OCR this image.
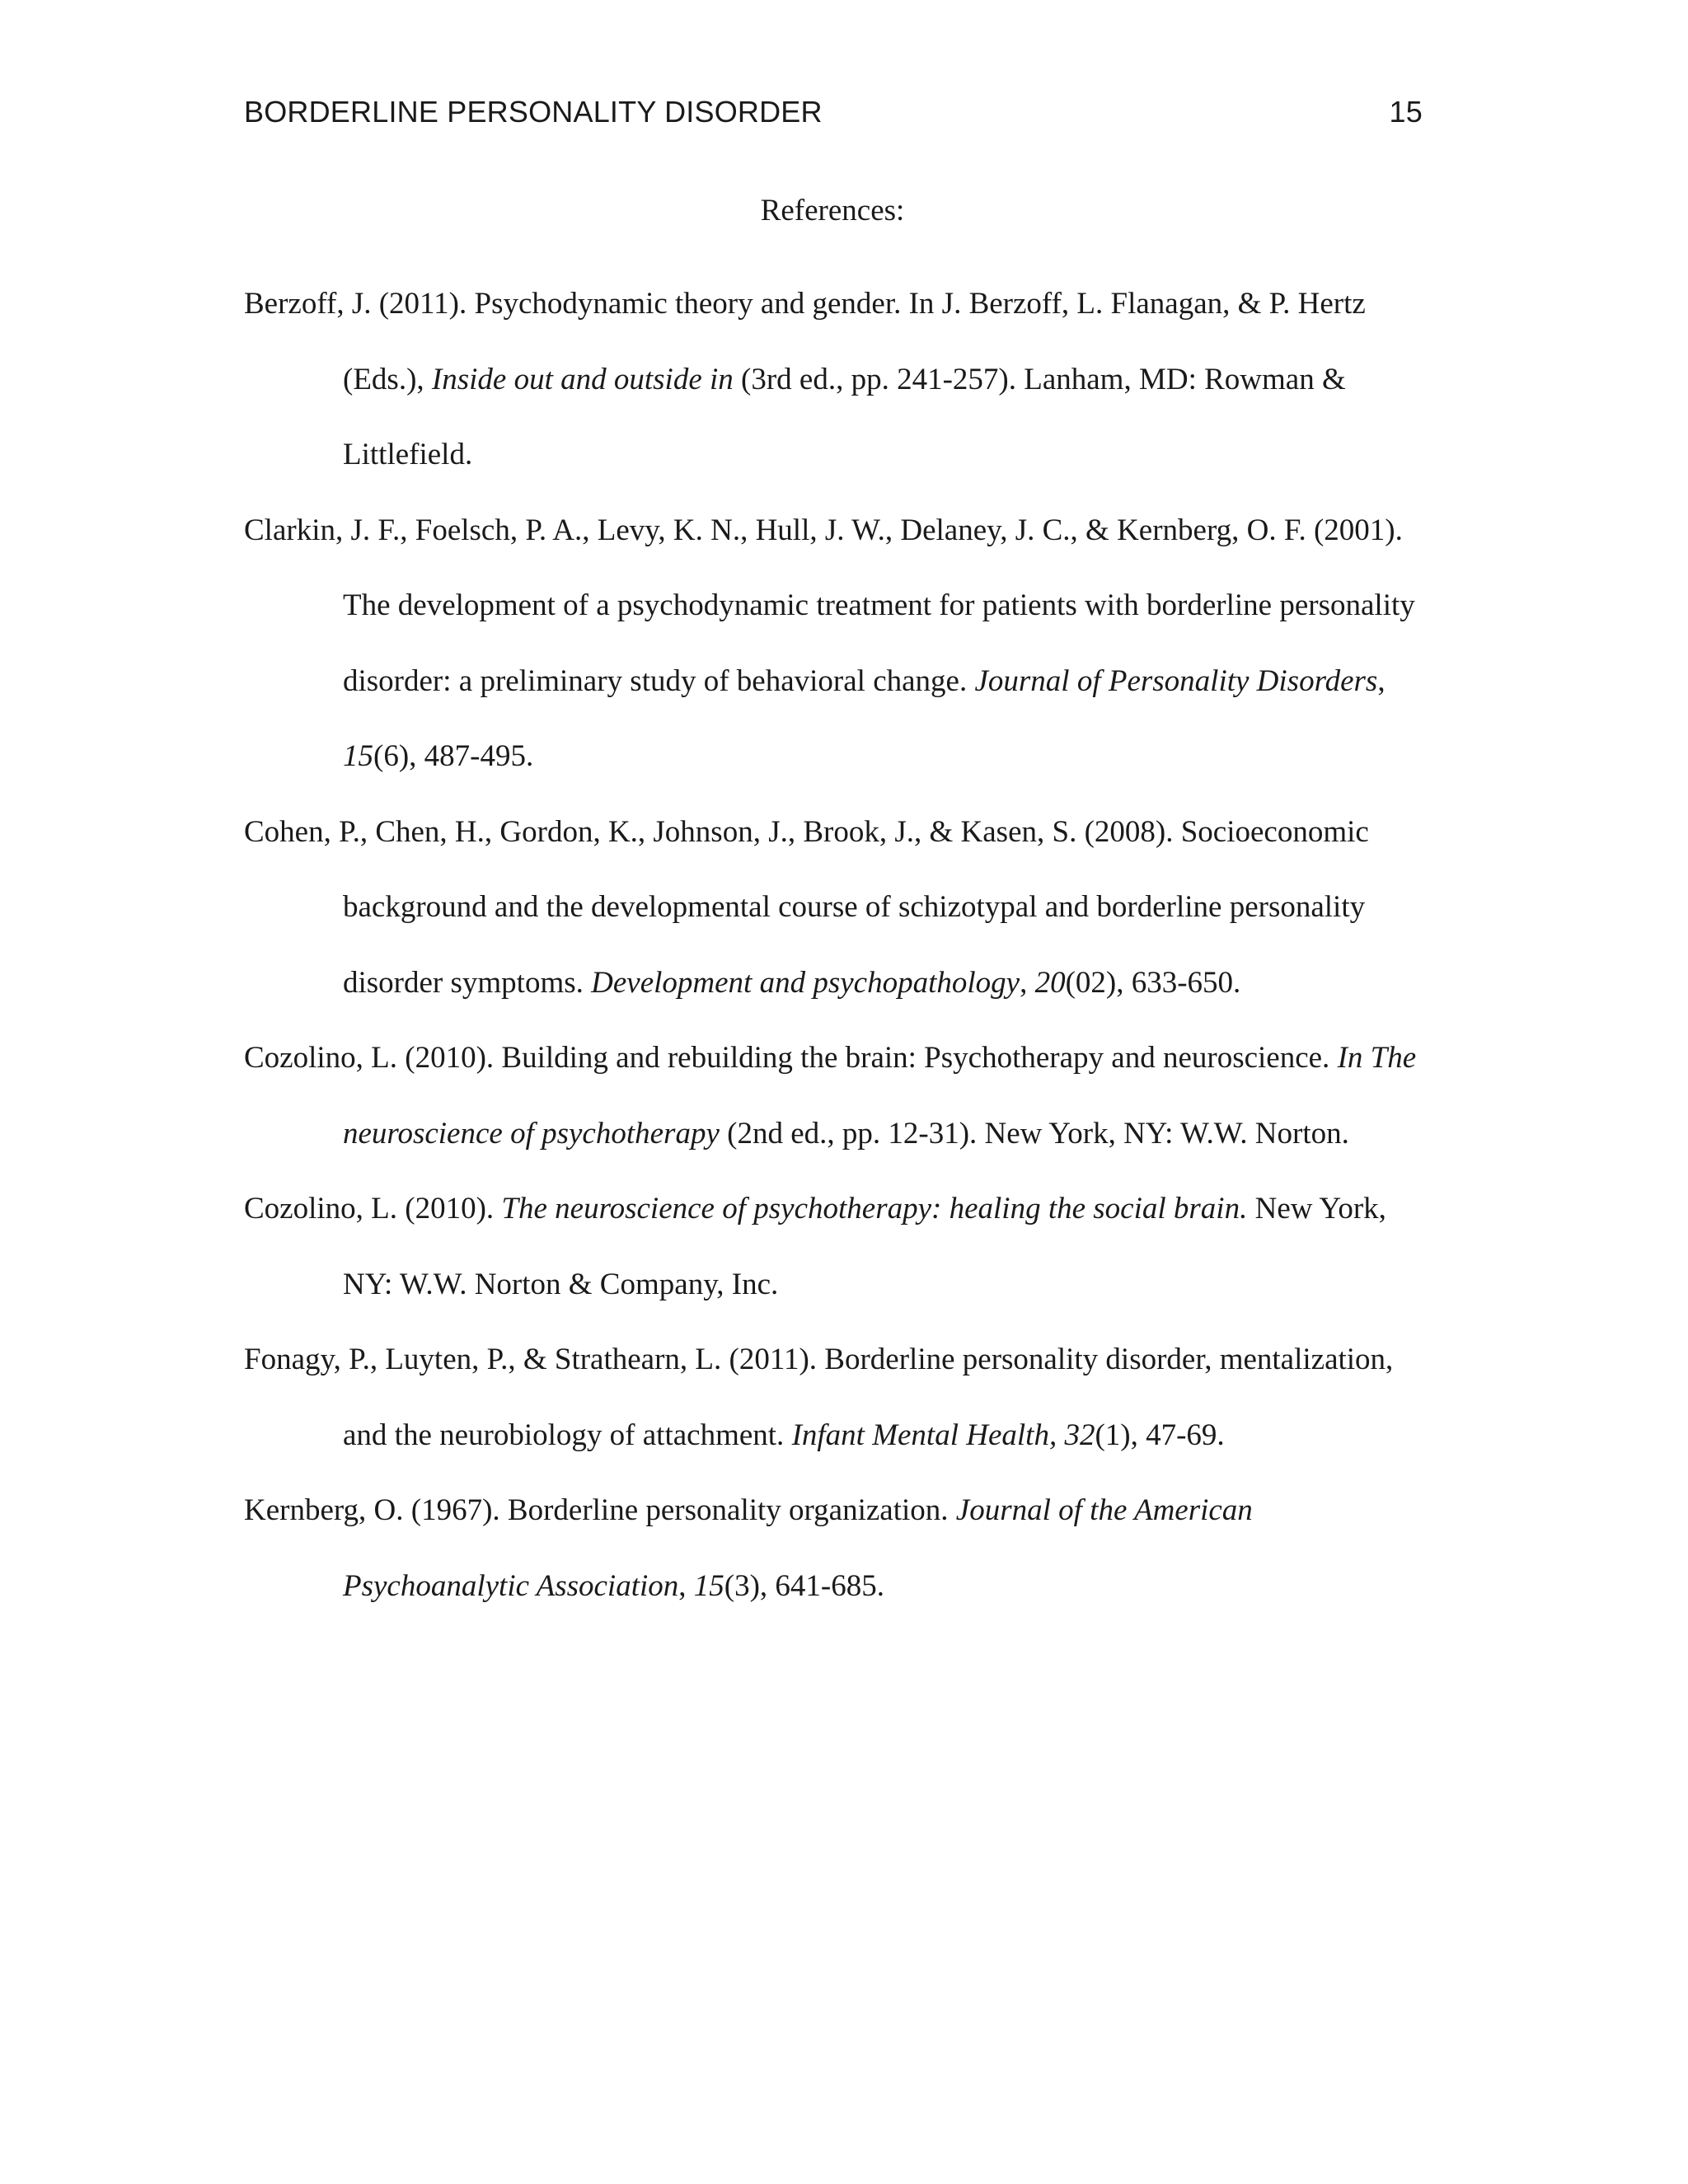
BORDERLINE PERSONALITY DISORDER	15
References:
Berzoff, J. (2011). Psychodynamic theory and gender. In J. Berzoff, L. Flanagan, & P. Hertz (Eds.), Inside out and outside in (3rd ed., pp. 241-257). Lanham, MD: Rowman & Littlefield.
Clarkin, J. F., Foelsch, P. A., Levy, K. N., Hull, J. W., Delaney, J. C., & Kernberg, O. F. (2001). The development of a psychodynamic treatment for patients with borderline personality disorder: a preliminary study of behavioral change. Journal of Personality Disorders, 15(6), 487-495.
Cohen, P., Chen, H., Gordon, K., Johnson, J., Brook, J., & Kasen, S. (2008). Socioeconomic background and the developmental course of schizotypal and borderline personality disorder symptoms. Development and psychopathology, 20(02), 633-650.
Cozolino, L. (2010). Building and rebuilding the brain: Psychotherapy and neuroscience. In The neuroscience of psychotherapy (2nd ed., pp. 12-31). New York, NY: W.W. Norton.
Cozolino, L. (2010). The neuroscience of psychotherapy: healing the social brain. New York, NY: W.W. Norton & Company, Inc.
Fonagy, P., Luyten, P., & Strathearn, L. (2011). Borderline personality disorder, mentalization, and the neurobiology of attachment. Infant Mental Health, 32(1), 47-69.
Kernberg, O. (1967). Borderline personality organization. Journal of the American Psychoanalytic Association, 15(3), 641-685.
